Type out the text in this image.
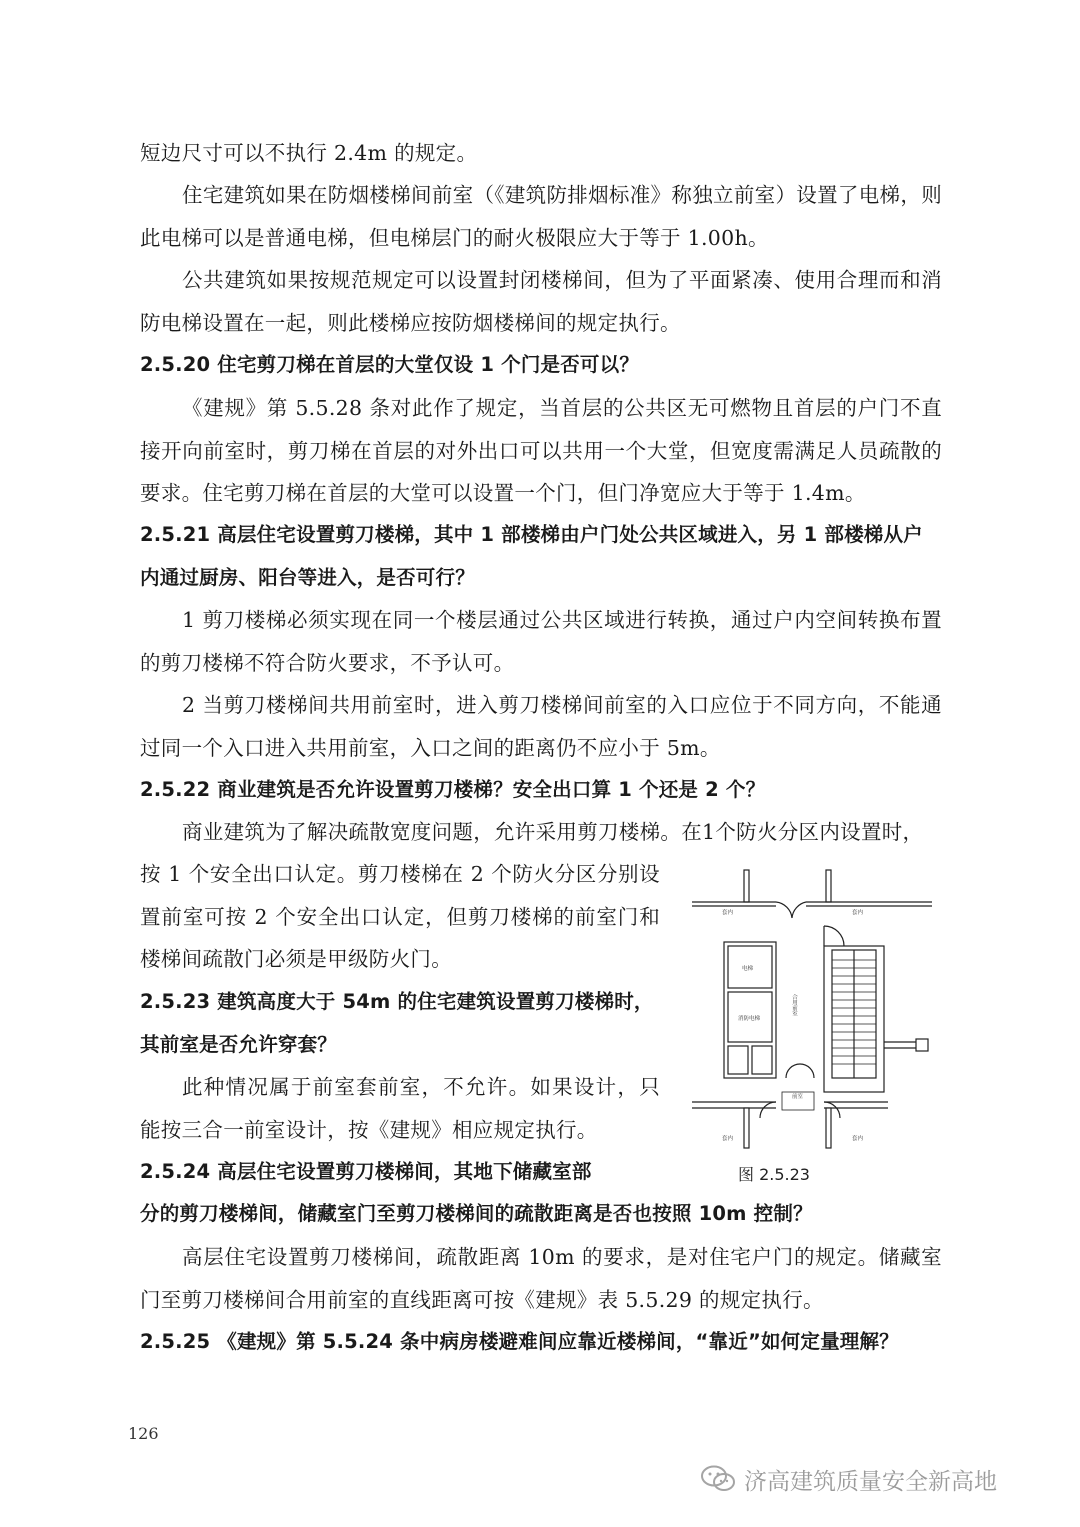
短边尺寸可以不执行 2.4m 的规定。

住宅建筑如果在防烟楼梯间前室（《建筑防排烟标准》称独立前室）设置了电梯，则此电梯可以是普通电梯，但电梯层门的耐火极限应大于等于 1.00h。

公共建筑如果按规范规定可以设置封闭楼梯间，但为了平面紧凑、使用合理而和消防电梯设置在一起，则此楼梯应按防烟楼梯间的规定执行。

2.5.20 住宅剪刀梯在首层的大堂仅设 1 个门是否可以？

《建规》第 5.5.28 条对此作了规定，当首层的公共区无可燃物且首层的户门不直接开向前室时，剪刀梯在首层的对外出口可以共用一个大堂，但宽度需满足人员疏散的要求。住宅剪刀梯在首层的大堂可以设置一个门，但门净宽应大于等于 1.4m。

2.5.21 高层住宅设置剪刀楼梯，其中 1 部楼梯由户门处公共区域进入，另 1 部楼梯从户内通过厨房、阳台等进入，是否可行？

1 剪刀楼梯必须实现在同一个楼层通过公共区域进行转换，通过户内空间转换布置的剪刀楼梯不符合防火要求，不予认可。

2 当剪刀楼梯间共用前室时，进入剪刀楼梯间前室的入口应位于不同方向，不能通过同一个入口进入共用前室，入口之间的距离仍不应小于 5m。

2.5.22 商业建筑是否允许设置剪刀楼梯？安全出口算 1 个还是 2 个？

商业建筑为了解决疏散宽度问题，允许采用剪刀楼梯。在1个防火分区内设置时，

按 1 个安全出口认定。剪刀楼梯在 2 个防火分区分别设置前室可按 2 个安全出口认定，但剪刀楼梯的前室门和楼梯间疏散门必须是甲级防火门。

2.5.23 建筑高度大于 54m 的住宅建筑设置剪刀楼梯时，其前室是否允许穿套？

此种情况属于前室套前室，不允许。如果设计，只能按三合一前室设计，按《建规》相应规定执行。

2.5.24 高层住宅设置剪刀楼梯间，其地下储藏室部
分的剪刀楼梯间，储藏室门至剪刀楼梯间的疏散距离是否也按照 10m 控制？

高层住宅设置剪刀楼梯间，疏散距离 10m 的要求，是对住宅户门的规定。储藏室门至剪刀楼梯间合用前室的直线距离可按《建规》表 5.5.29 的规定执行。

2.5.25 《建规》第 5.5.24 条中病房楼避难间应靠近楼梯间，“靠近”如何定量理解？
套内	套内
电梯
消防电梯
合用前室
前室
套内	套内
图 2.5.23
126
济高建筑质量安全新高地
